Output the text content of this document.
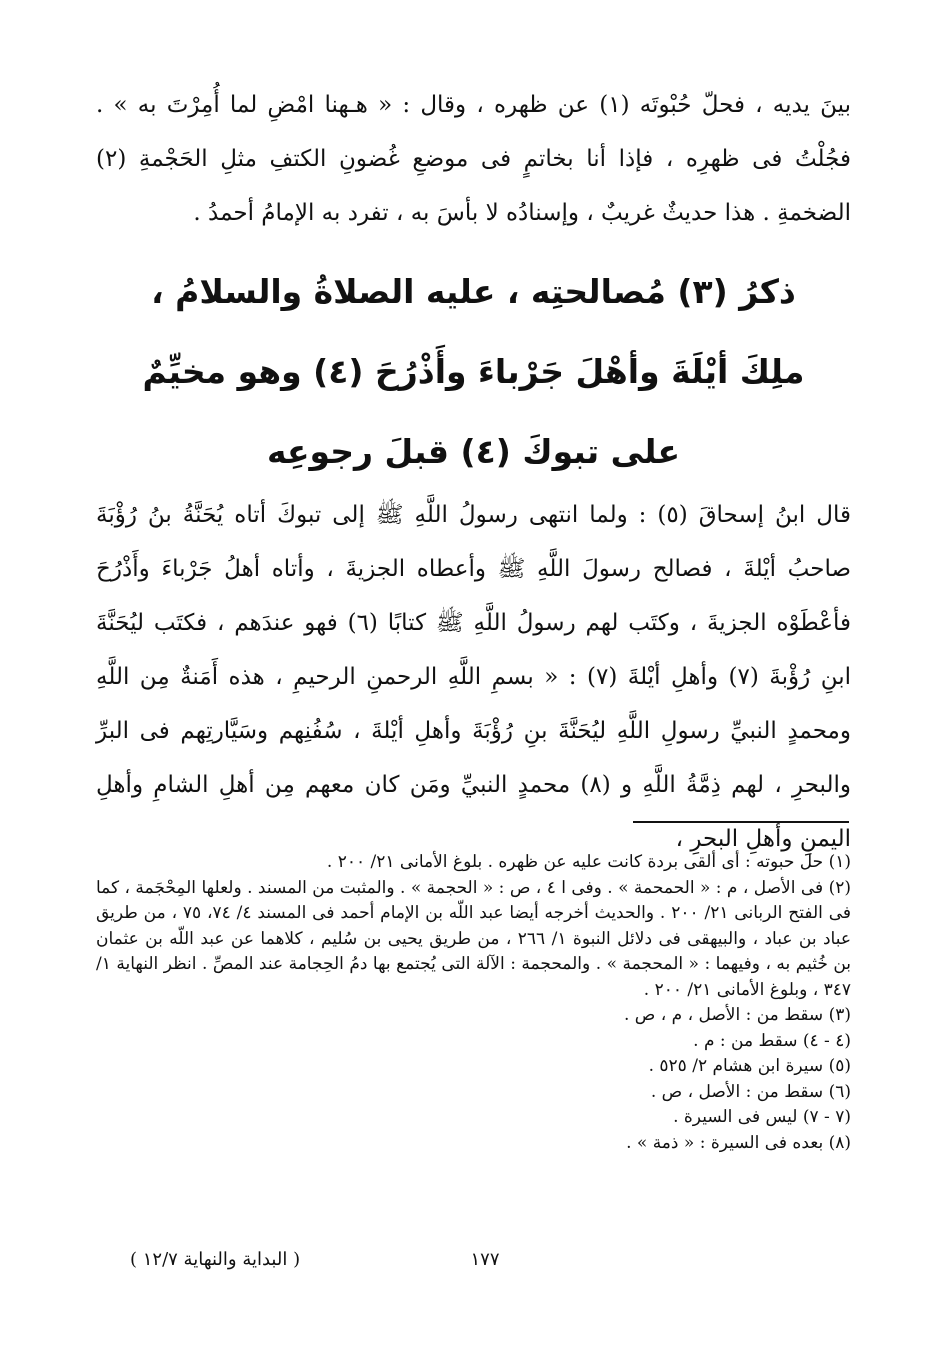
بينَ يديه ، فحلّ حُبْوتَه (١) عن ظهره ، وقال : « هـهنا امْضِ لما أُمِرْتَ به » . فجُلْتُ فى ظهرِه ، فإذا أنا بخاتمٍ فى موضعِ غُضونِ الكتفِ مثلِ الحَجْمةِ (٢) الضخمةِ . هذا حديثٌ غريبٌ ، وإسنادُه لا بأسَ به ، تفرد به الإمامُ أحمدُ .

ذكرُ (٣) مُصالحتِه ، عليه الصلاةُ والسلامُ ،
ملِكَ أيْلَةَ وأهْلَ جَرْباءَ وأَذْرُحَ (٤) وهو مخيِّمٌ
على تبوكَ (٤) قبلَ رجوعِه

قال ابنُ إسحاقَ (٥) : ولما انتهى رسولُ اللَّهِ ﷺ إلى تبوكَ أتاه يُحَنَّةُ بنُ رُؤْبَةَ صاحبُ أيْلةَ ، فصالح رسولَ اللَّهِ ﷺ وأعطاه الجزيةَ ، وأتاه أهلُ جَرْباءَ وأَذْرُحَ فأعْطَوْه الجزيةَ ، وكتَب لهم رسولُ اللَّهِ ﷺ كتابًا (٦) فهو عندَهم ، فكتَب ليُحَنَّةَ ابنِ رُؤْبةَ (٧) وأهلِ أيْلةَ (٧) : « بسمِ اللَّهِ الرحمنِ الرحيمِ ، هذه أَمَنةٌ مِن اللَّهِ ومحمدٍ النبيِّ رسولِ اللَّهِ ليُحَنَّةَ بنِ رُؤْبَةَ وأهلِ أيْلةَ ، سُفُنِهم وسَيَّارتِهم فى البرِّ والبحرِ ، لهم ذِمَّةُ اللَّهِ و (٨) محمدٍ النبيِّ ومَن كان معهم مِن أهلِ الشامِ وأهلِ اليمنِ وأهلِ البحرِ ،

(١) حل حبوته : أى ألقى بردة كانت عليه عن ظهره . بلوغ الأمانى ٢١/ ٢٠٠ .
(٢) فى الأصل ، م : « الحمحمة » . وفى ا ٤ ، ص : « الحجمة » . والمثبت من المسند . ولعلها المِحْجَمة ، كما فى الفتح الربانى ٢١/ ٢٠٠ . والحديث أخرجه أيضا عبد اللّه بن الإمام أحمد فى المسند ٤/ ٧٤، ٧٥ ، من طريق عباد بن عباد ، والبيهقى فى دلائل النبوة ١/ ٢٦٦ ، من طريق يحيى بن سُليم ، كلاهما عن عبد اللّه بن عثمان بن خُثيم به ، وفيهما : « المحجمة » . والمحجمة : الآلة التى يُجتمع بها دمُ الحِجامة عند المصِّ . انظر النهاية ١/ ٣٤٧ ، وبلوغ الأمانى ٢١/ ٢٠٠ .
(٣) سقط من : الأصل ، م ، ص .
(٤ - ٤) سقط من : م .
(٥) سيرة ابن هشام ٢/ ٥٢٥ .
(٦) سقط من : الأصل ، ص .
(٧ - ٧) ليس فى السيرة .
(٨) بعده فى السيرة : « ذمة » .
١٧٧
( البداية والنهاية ١٢/٧ )
